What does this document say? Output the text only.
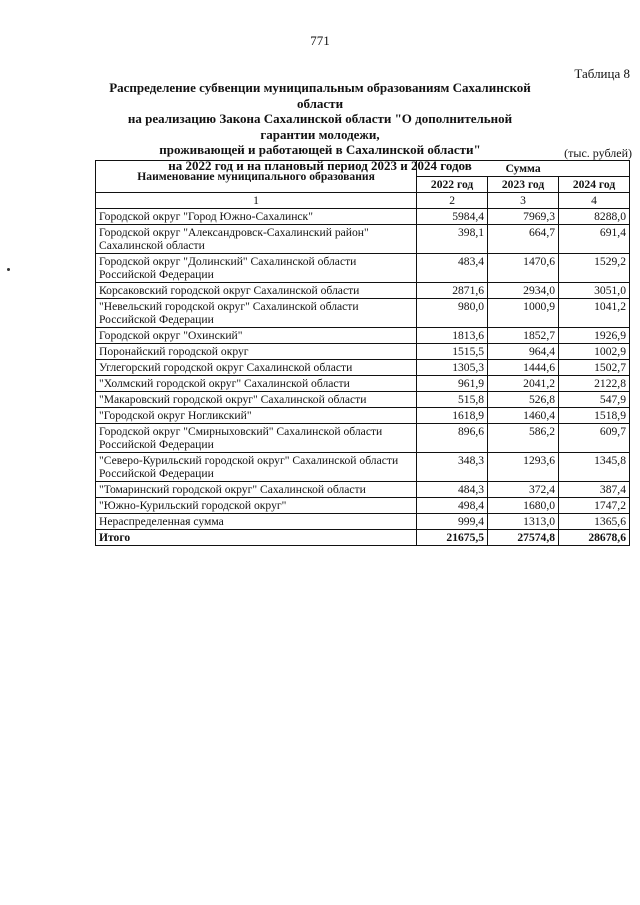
771
Таблица 8
Распределение субвенции муниципальным образованиям Сахалинской области
на реализацию Закона Сахалинской области "О дополнительной гарантии молодежи,
проживающей и работающей в Сахалинской области"
на 2022 год и на плановый период 2023 и 2024 годов
(тыс. рублей)
Наименование муниципального образования	Сумма		
	2022 год	2023 год	2024 год
1	2	3	4
Городской округ "Город Южно-Сахалинск"	5984,4	7969,3	8288,0
Городской округ "Александровск-Сахалинский район" Сахалинской области	398,1	664,7	691,4
Городской округ "Долинский" Сахалинской области Российской Федерации	483,4	1470,6	1529,2
Корсаковский городской округ Сахалинской области	2871,6	2934,0	3051,0
"Невельский городской округ" Сахалинской области Российской Федерации	980,0	1000,9	1041,2
Городской округ "Охинский"	1813,6	1852,7	1926,9
Поронайский городской округ	1515,5	964,4	1002,9
Углегорский городской округ Сахалинской области	1305,3	1444,6	1502,7
"Холмский городской округ" Сахалинской области	961,9	2041,2	2122,8
"Макаровский городской округ" Сахалинской области	515,8	526,8	547,9
"Городской округ Ногликский"	1618,9	1460,4	1518,9
Городской округ "Смирныховский" Сахалинской области Российской Федерации	896,6	586,2	609,7
"Северо-Курильский городской округ" Сахалинской области Российской Федерации	348,3	1293,6	1345,8
"Томаринский городской округ" Сахалинской области	484,3	372,4	387,4
"Южно-Курильский городской округ"	498,4	1680,0	1747,2
Нераспределенная сумма	999,4	1313,0	1365,6
Итого	21675,5	27574,8	28678,6
